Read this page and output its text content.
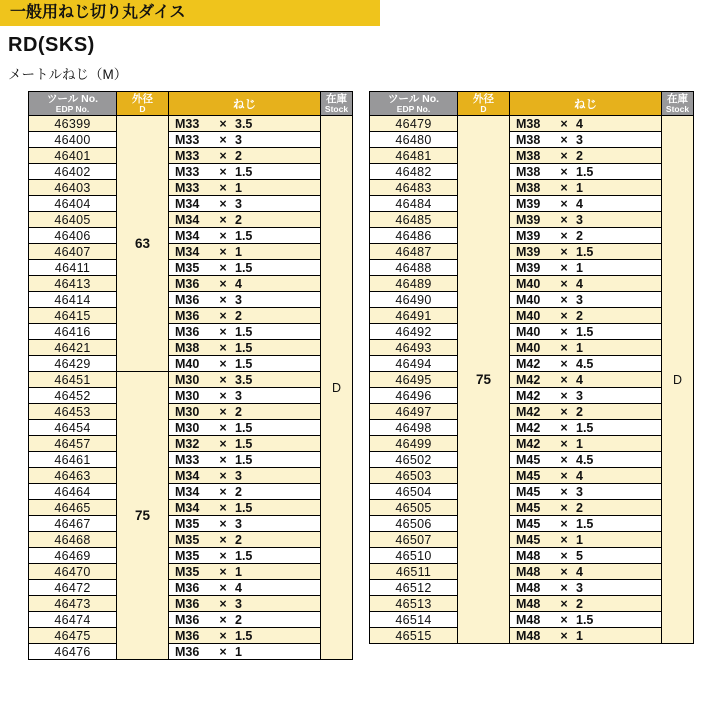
一般用ねじ切り丸ダイス
RD(SKS)
メートルねじ（M）
ツール No.
EDP No.

外径
D	ねじ	在庫
Stock

46399	63	M33 × 3.5	D
46400		M33 × 3	
46401		M33 × 2	
46402		M33 × 1.5	
46403		M33 × 1	
46404		M34 × 3	
46405		M34 × 2	
46406		M34 × 1.5	
46407		M34 × 1	
46411		M35 × 1.5	
46413		M36 × 4	
46414		M36 × 3	
46415		M36 × 2	
46416		M36 × 1.5	
46421		M38 × 1.5	
46429		M40 × 1.5	
46451	75	M30 × 3.5	
46452		M30 × 3	
46453		M30 × 2	
46454		M30 × 1.5	
46457		M32 × 1.5	
46461		M33 × 1.5	
46463		M34 × 3	
46464		M34 × 2	
46465		M34 × 1.5	
46467		M35 × 3	
46468		M35 × 2	
46469		M35 × 1.5	
46470		M35 × 1	
46472		M36 × 4	
46473		M36 × 3	
46474		M36 × 2	
46475		M36 × 1.5	
46476		M36 × 1	
ツール No.
EDP No.

外径
D	ねじ	在庫
Stock

46479	75	M38 × 4	D
46480		M38 × 3	
46481		M38 × 2	
46482		M38 × 1.5	
46483		M38 × 1	
46484		M39 × 4	
46485		M39 × 3	
46486		M39 × 2	
46487		M39 × 1.5	
46488		M39 × 1	
46489		M40 × 4	
46490		M40 × 3	
46491		M40 × 2	
46492		M40 × 1.5	
46493		M40 × 1	
46494		M42 × 4.5	
46495		M42 × 4	
46496		M42 × 3	
46497		M42 × 2	
46498		M42 × 1.5	
46499		M42 × 1	
46502		M45 × 4.5	
46503		M45 × 4	
46504		M45 × 3	
46505		M45 × 2	
46506		M45 × 1.5	
46507		M45 × 1	
46510		M48 × 5	
46511		M48 × 4	
46512		M48 × 3	
46513		M48 × 2	
46514		M48 × 1.5	
46515		M48 × 1	
